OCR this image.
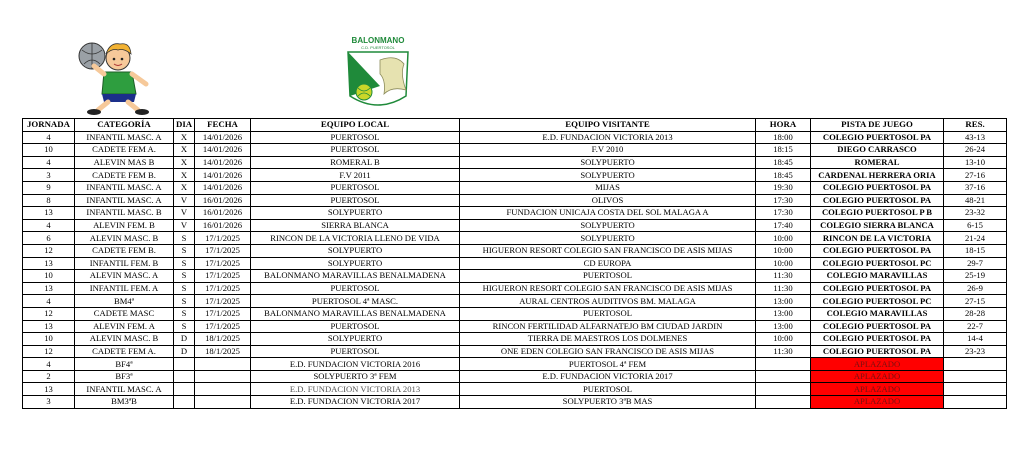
BALONMANO
C.D. PUERTOSOL
JORNADA	CATEGORÍA	DIA	FECHA	EQUIPO LOCAL	EQUIPO VISITANTE	HORA	PISTA DE JUEGO	RES.
4	INFANTIL MASC. A	X	14/01/2026	PUERTOSOL	E.D. FUNDACION VICTORIA 2013	18:00	COLEGIO PUERTOSOL PA	43-13
10	CADETE FEM A.	X	14/01/2026	PUERTOSOL	F.V 2010	18:15	DIEGO CARRASCO	26-24
4	ALEVIN MAS B	X	14/01/2026	ROMERAL B	SOLYPUERTO	18:45	ROMERAL	13-10
3	CADETE FEM B.	X	14/01/2026	F.V 2011	SOLYPUERTO	18:45	CARDENAL HERRERA ORIA	27-16
9	INFANTIL MASC. A	X	14/01/2026	PUERTOSOL	MIJAS	19:30	COLEGIO PUERTOSOL PA	37-16
8	INFANTIL MASC. A	V	16/01/2026	PUERTOSOL	OLIVOS	17:30	COLEGIO PUERTOSOL PA	48-21
13	INFANTIL MASC. B	V	16/01/2026	SOLYPUERTO	FUNDACION UNICAJA COSTA DEL SOL MALAGA A	17:30	COLEGIO PUERTOSOL P B	23-32
4	ALEVIN FEM. B	V	16/01/2026	SIERRA BLANCA	SOLYPUERTO	17:40	COLEGIO SIERRA BLANCA	6-15
6	ALEVIN MASC. B	S	17/1/2025	RINCON DE LA VICTORIA LLENO DE VIDA	SOLYPUERTO	10:00	RINCON DE LA VICTORIA	21-24
12	CADETE FEM B.	S	17/1/2025	SOLYPUERTO	HIGUERON RESORT COLEGIO SAN FRANCISCO DE ASIS MIJAS	10:00	COLEGIO PUERTOSOL PA	18-15
13	INFANTIL FEM. B	S	17/1/2025	SOLYPUERTO	CD EUROPA	10:00	COLEGIO PUERTOSOL PC	29-7
10	ALEVIN MASC. A	S	17/1/2025	BALONMANO MARAVILLAS BENALMADENA	PUERTOSOL	11:30	COLEGIO MARAVILLAS	25-19
13	INFANTIL FEM. A	S	17/1/2025	PUERTOSOL	HIGUERON RESORT COLEGIO SAN FRANCISCO DE ASIS MIJAS	11:30	COLEGIO PUERTOSOL PA	26-9
4	BM4ª	S	17/1/2025	PUERTOSOL 4ª MASC.	AURAL CENTROS AUDITIVOS BM. MALAGA	13:00	COLEGIO PUERTOSOL PC	27-15
12	CADETE MASC	S	17/1/2025	BALONMANO MARAVILLAS BENALMADENA	PUERTOSOL	13:00	COLEGIO MARAVILLAS	28-28
13	ALEVIN FEM. A	S	17/1/2025	PUERTOSOL	RINCON FERTILIDAD ALFARNATEJO BM CIUDAD JARDIN	13:00	COLEGIO PUERTOSOL PA	22-7
10	ALEVIN MASC. B	D	18/1/2025	SOLYPUERTO	TIERRA DE MAESTROS LOS DOLMENES	10:00	COLEGIO PUERTOSOL PA	14-4
12	CADETE FEM A.	D	18/1/2025	PUERTOSOL	ONE EDEN COLEGIO SAN FRANCISCO DE ASIS MIJAS	11:30	COLEGIO PUERTOSOL PA	23-23
4	BF4ª			E.D. FUNDACION VICTORIA 2016	PUERTOSOL 4ª FEM		APLAZADO	
2	BF3ª			SOLYPUERTO 3ª FEM	E.D. FUNDACION VICTORIA 2017		APLAZADO	
13	INFANTIL MASC. A			E.D. FUNDACION VICTORIA 2013	PUERTOSOL		APLAZADO	
3	BM3ªB			E.D. FUNDACION VICTORIA 2017	SOLYPUERTO 3ªB MAS		APLAZADO	
